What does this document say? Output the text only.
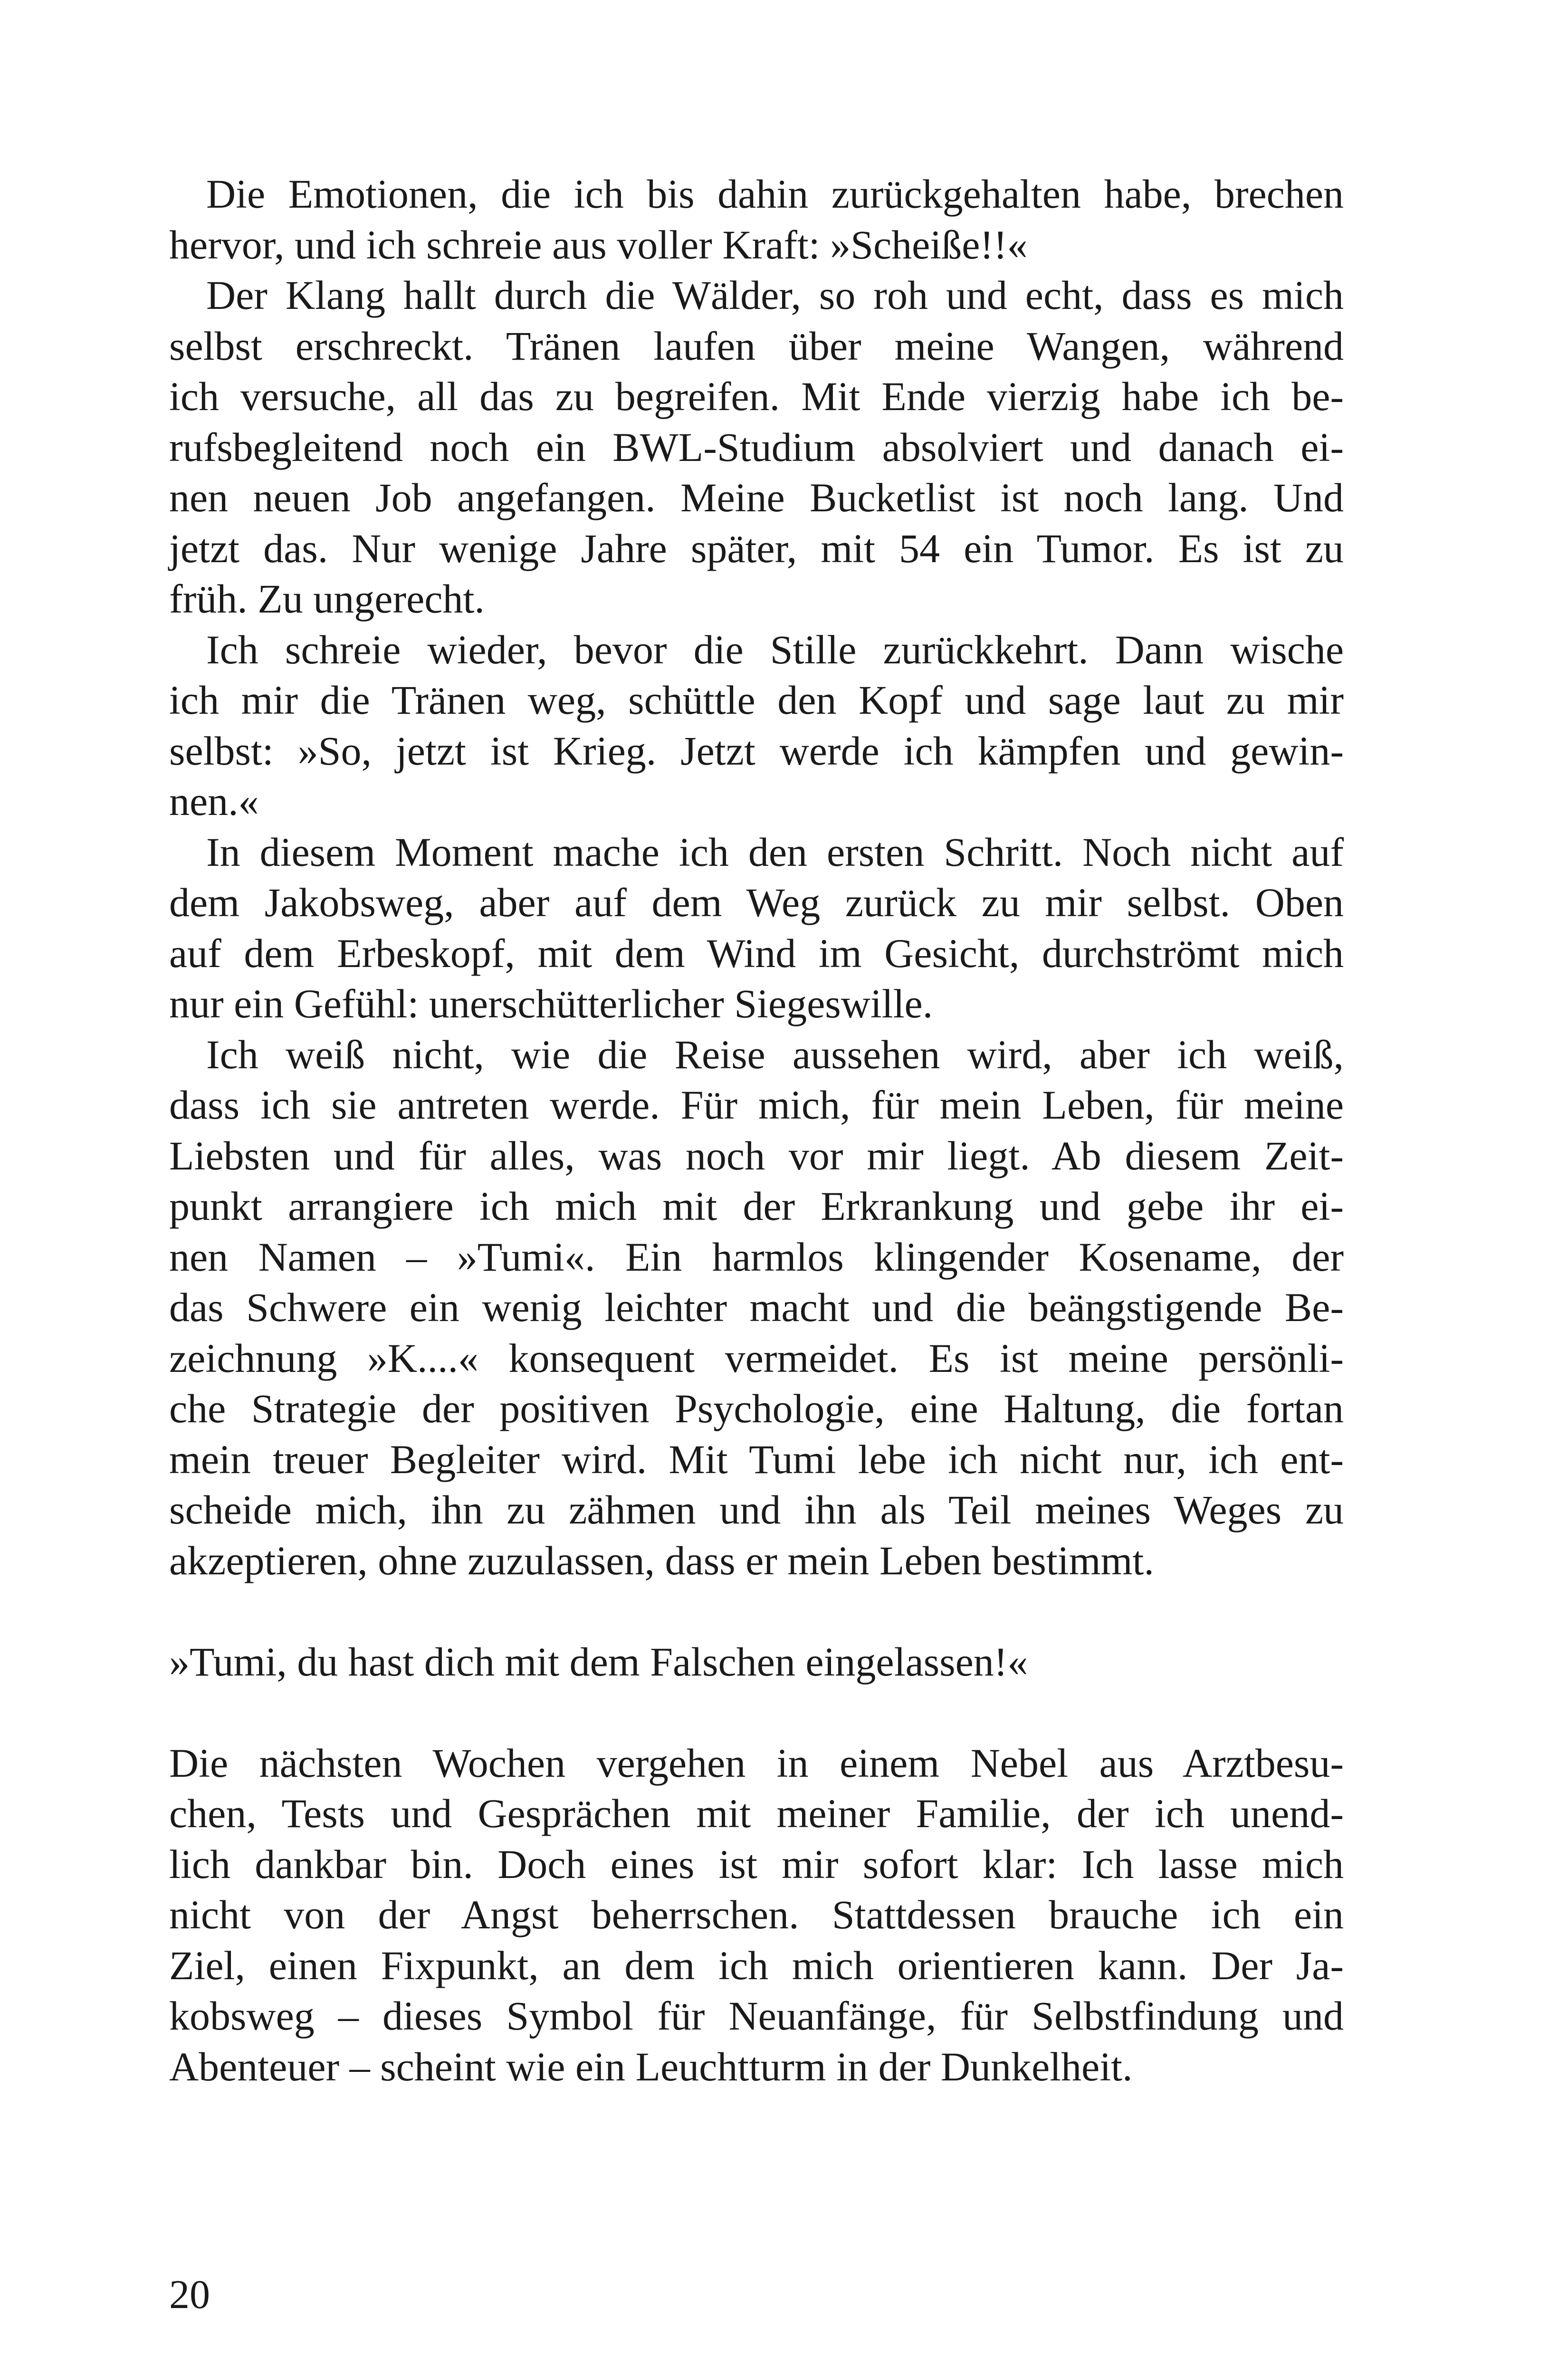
Die Emotionen, die ich bis dahin zurückgehalten habe, brechen
hervor, und ich schreie aus voller Kraft: »Scheiße!!«
Der Klang hallt durch die Wälder, so roh und echt, dass es mich
selbst erschreckt. Tränen laufen über meine Wangen, während
ich versuche, all das zu begreifen. Mit Ende vierzig habe ich be-
rufsbegleitend noch ein BWL-Studium absolviert und danach ei-
nen neuen Job angefangen. Meine Bucketlist ist noch lang. Und
jetzt das. Nur wenige Jahre später, mit 54 ein Tumor. Es ist zu
früh. Zu ungerecht.
Ich schreie wieder, bevor die Stille zurückkehrt. Dann wische
ich mir die Tränen weg, schüttle den Kopf und sage laut zu mir
selbst: »So, jetzt ist Krieg. Jetzt werde ich kämpfen und gewin-
nen.«
In diesem Moment mache ich den ersten Schritt. Noch nicht auf
dem Jakobsweg, aber auf dem Weg zurück zu mir selbst. Oben
auf dem Erbeskopf, mit dem Wind im Gesicht, durchströmt mich
nur ein Gefühl: unerschütterlicher Siegeswille.
Ich weiß nicht, wie die Reise aussehen wird, aber ich weiß,
dass ich sie antreten werde. Für mich, für mein Leben, für meine
Liebsten und für alles, was noch vor mir liegt. Ab diesem Zeit-
punkt arrangiere ich mich mit der Erkrankung und gebe ihr ei-
nen Namen – »Tumi«. Ein harmlos klingender Kosename, der
das Schwere ein wenig leichter macht und die beängstigende Be-
zeichnung »K....« konsequent vermeidet. Es ist meine persönli-
che Strategie der positiven Psychologie, eine Haltung, die fortan
mein treuer Begleiter wird. Mit Tumi lebe ich nicht nur, ich ent-
scheide mich, ihn zu zähmen und ihn als Teil meines Weges zu
akzeptieren, ohne zuzulassen, dass er mein Leben bestimmt.
»Tumi, du hast dich mit dem Falschen eingelassen!«
Die nächsten Wochen vergehen in einem Nebel aus Arztbesu-
chen, Tests und Gesprächen mit meiner Familie, der ich unend-
lich dankbar bin. Doch eines ist mir sofort klar: Ich lasse mich
nicht von der Angst beherrschen. Stattdessen brauche ich ein
Ziel, einen Fixpunkt, an dem ich mich orientieren kann. Der Ja-
kobsweg – dieses Symbol für Neuanfänge, für Selbstfindung und
Abenteuer – scheint wie ein Leuchtturm in der Dunkelheit.
20
